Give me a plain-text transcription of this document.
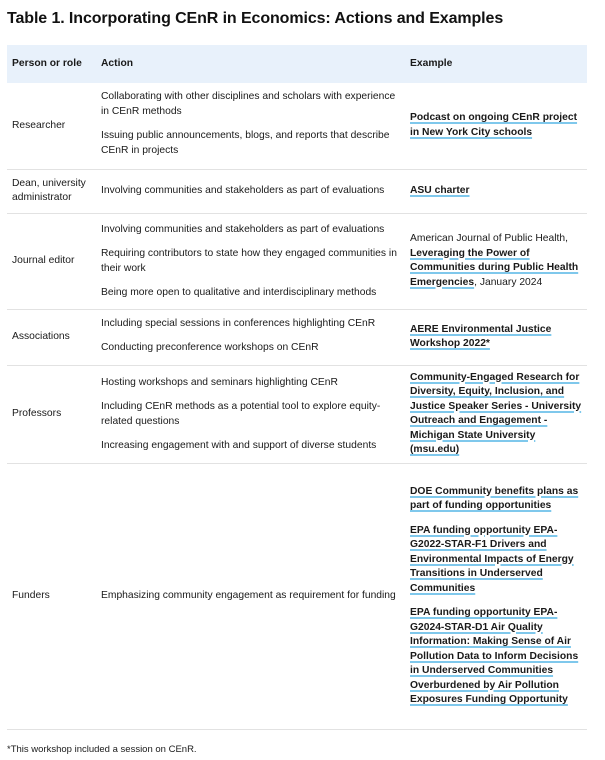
Table 1. Incorporating CEnR in Economics: Actions and Examples
Person or role	Action	Example
Researcher	Collaborating with other disciplines and scholars with experience in CEnR methods
Issuing public announcements, blogs, and reports that describe CEnR in projects	Podcast on ongoing CEnR project in New York City schools

Dean, university administrator	Involving communities and stakeholders as part of evaluations	ASU charter

Journal editor	Involving communities and stakeholders as part of evaluations
Requiring contributors to state how they engaged communities in their work
Being more open to qualitative and interdisciplinary methods	American Journal of Public Health, Leveraging the Power of Communities during Public Health Emergencies, January 2024

Associations	Including special sessions in conferences highlighting CEnR
Conducting preconference workshops on CEnR	AERE Environmental Justice Workshop 2022*

Professors	Hosting workshops and seminars highlighting CEnR
Including CEnR methods as a potential tool to explore equity-related questions
Increasing engagement with and support of diverse students	Community-Engaged Research for Diversity, Equity, Inclusion, and Justice Speaker Series - University Outreach and Engagement - Michigan State University (msu.edu)

Funders	Emphasizing community engagement as requirement for funding	DOE Community benefits plans as part of funding opportunities
EPA funding opportunity EPA-G2022-STAR-F1 Drivers and Environmental Impacts of Energy Transitions in Underserved Communities
EPA funding opportunity EPA-G2024-STAR-D1 Air Quality Information: Making Sense of Air Pollution Data to Inform Decisions in Underserved Communities Overburdened by Air Pollution Exposures Funding Opportunity

*This workshop included a session on CEnR.
